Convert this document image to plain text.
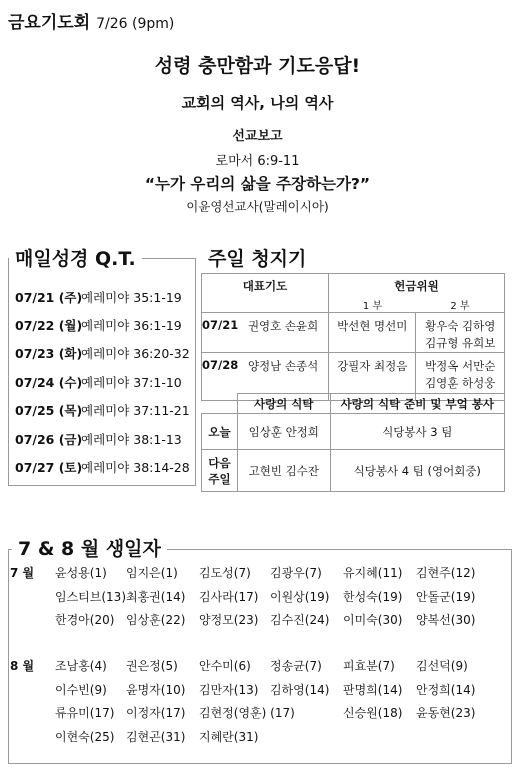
금요기도회 7/26 (9pm)
성령 충만함과 기도응답!
교회의 역사, 나의 역사
선교보고
로마서 6:9-11
“누가 우리의 삶을 주장하는가?”
이윤영선교사(말레이시아)
매일성경 Q.T.
07/21 (주)예레미야 35:1-19
07/22 (월)예레미야 36:1-19
07/23 (화)예레미야 36:20-32
07/24 (수)예레미야 37:1-10
07/25 (목)예레미야 37:11-21
07/26 (금)예레미야 38:1-13
07/27 (토)예레미야 38:14-28
주일 청지기
대표기도		헌금위원
1 부 2 부	

07/21	권영호 손윤희	박선현 명선미	황우숙 김하영
김규형 유희보

07/28	양정남 손종석	강필자 최정음	박정옥 서만순
김영훈 하성웅
	사랑의 식탁	사랑의 식탁 준비 및 부엌 봉사
오늘	임상훈 안정희	식당봉사 3 팀

다음
주일	고현빈 김수잔	식당봉사 4 팀 (영어회중)
7 & 8 월 생일자
7 월
8 월
윤성용(1) 임지은(1) 김도성(7) 김광우(7) 유지혜(11) 김현주(12)
임스티브(13) 최홍권(14) 김사라(17) 이원상(19) 한성숙(19) 안돌군(19)
한경아(20) 임상훈(22) 양정모(23) 김수진(24) 이미숙(30) 양복선(30)
조남홍(4) 권은정(5) 안수미(6) 정송균(7) 피효분(7) 김선덕(9)
이수빈(9) 윤명자(10) 김만자(13) 김하영(14) 판명희(14) 안정희(14)
류유미(17) 이정자(17) 김현정(영훈) (17)	신승원(18) 윤동현(23)
이현숙(25) 김현곤(31) 지혜란(31)
